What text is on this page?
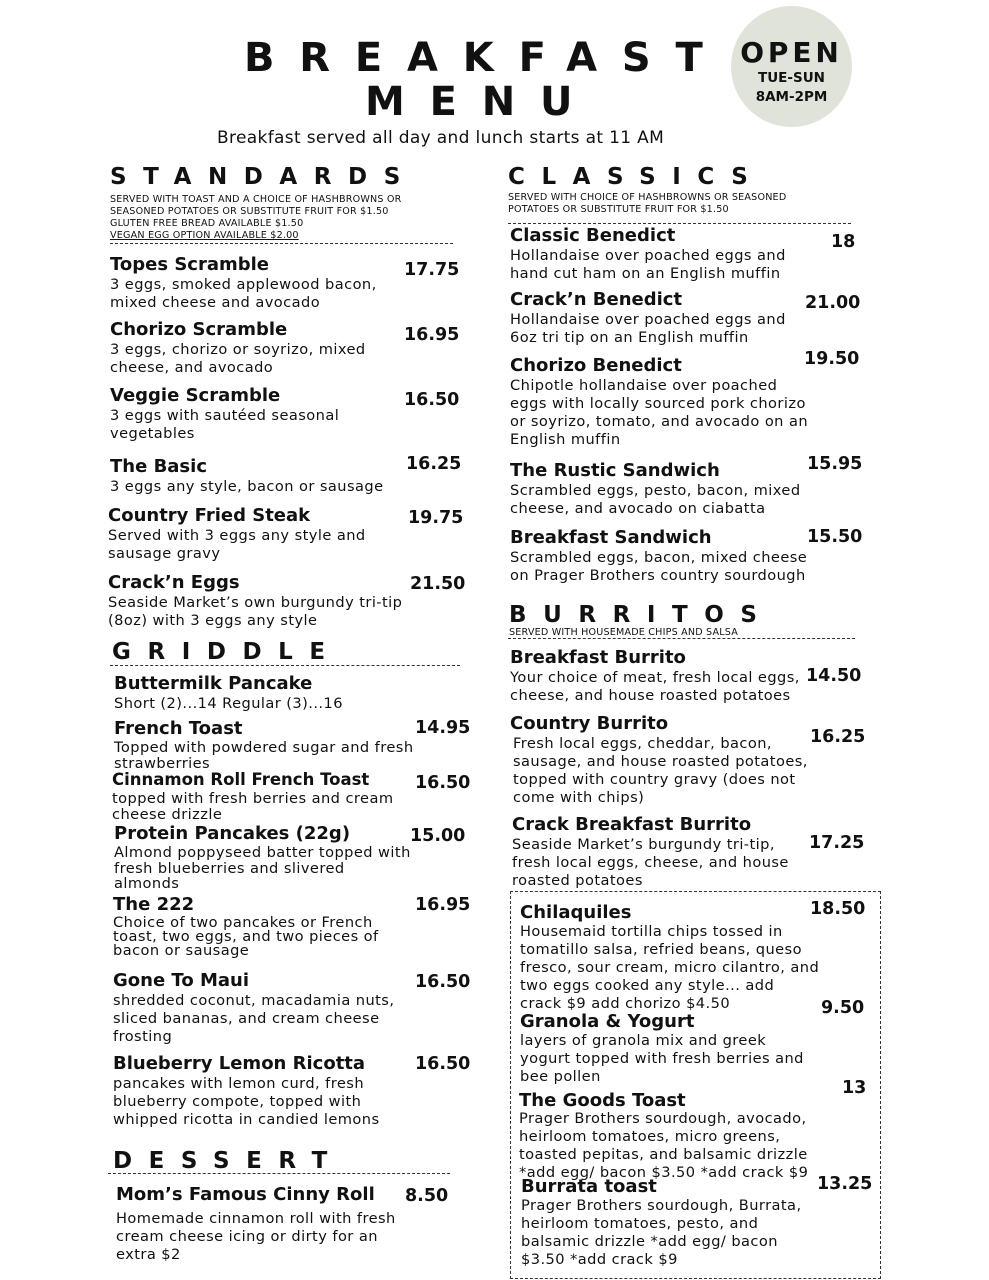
BREAKFAST
MENU
Breakfast served all day and lunch starts at 11 AM
OPEN
TUE-SUN
8AM-2PM
STANDARDS
SERVED WITH TOAST AND A CHOICE OF HASHBROWNS OR
SEASONED POTATOES OR SUBSTITUTE FRUIT FOR $1.50
GLUTEN FREE BREAD AVAILABLE $1.50
VEGAN EGG OPTION AVAILABLE $2.00
Topes Scramble
3 eggs, smoked applewood bacon, mixed cheese and avocado
17.75
Chorizo Scramble
3 eggs, chorizo or soyrizo, mixed cheese, and avocado
16.95
Veggie Scramble
3 eggs with sautéed seasonal vegetables
16.50
The Basic
3 eggs any style, bacon or sausage
16.25
Country Fried Steak
Served with 3 eggs any style and sausage gravy
19.75
Crack’n Eggs
Seaside Market’s own burgundy tri-tip (8oz) with 3 eggs any style
21.50
GRIDDLE
Buttermilk Pancake
Short (2)...14 Regular (3)...16
French Toast
Topped with powdered sugar and fresh strawberries
14.95
Cinnamon Roll French Toast
topped with fresh berries and cream cheese drizzle
16.50
Protein Pancakes (22g)
Almond poppyseed batter topped with fresh blueberries and slivered almonds
15.00
The 222
Choice of two pancakes or French toast, two eggs, and two pieces of bacon or sausage
16.95
Gone To Maui
shredded coconut, macadamia nuts, sliced bananas, and cream cheese frosting
16.50
Blueberry Lemon Ricotta
pancakes with lemon curd, fresh blueberry compote, topped with whipped ricotta in candied lemons
16.50
DESSERT
Mom’s Famous Cinny Roll
Homemade cinnamon roll with fresh cream cheese icing or dirty for an extra $2
8.50
CLASSICS
SERVED WITH CHOICE OF HASHBROWNS OR SEASONED
POTATOES OR SUBSTITUTE FRUIT FOR $1.50
Classic Benedict
Hollandaise over poached eggs and hand cut ham on an English muffin
18
Crack’n Benedict
Hollandaise over poached eggs and 6oz tri tip on an English muffin
21.00
Chorizo Benedict
Chipotle hollandaise over poached eggs with locally sourced pork chorizo or soyrizo, tomato, and avocado on an English muffin
19.50
The Rustic Sandwich
Scrambled eggs, pesto, bacon, mixed cheese, and avocado on ciabatta
15.95
Breakfast Sandwich
Scrambled eggs, bacon, mixed cheese on Prager Brothers country sourdough
15.50
BURRITOS
SERVED WITH HOUSEMADE CHIPS AND SALSA
Breakfast Burrito
Your choice of meat, fresh local eggs, cheese, and house roasted potatoes
14.50
Country Burrito
Fresh local eggs, cheddar, bacon, sausage, and house roasted potatoes, topped with country gravy (does not come with chips)
16.25
Crack Breakfast Burrito
Seaside Market’s burgundy tri-tip, fresh local eggs, cheese, and house roasted potatoes
17.25
Chilaquiles
Housemaid tortilla chips tossed in tomatillo salsa, refried beans, queso fresco, sour cream, micro cilantro, and two eggs cooked any style... add crack $9 add chorizo $4.50
18.50
Granola & Yogurt
layers of granola mix and greek yogurt topped with fresh berries and bee pollen
9.50
The Goods Toast
Prager Brothers sourdough, avocado, heirloom tomatoes, micro greens, toasted pepitas, and balsamic drizzle *add egg/ bacon $3.50 *add crack $9
13
Burrata toast
Prager Brothers sourdough, Burrata, heirloom tomatoes, pesto, and balsamic drizzle *add egg/ bacon $3.50 *add crack $9
13.25
